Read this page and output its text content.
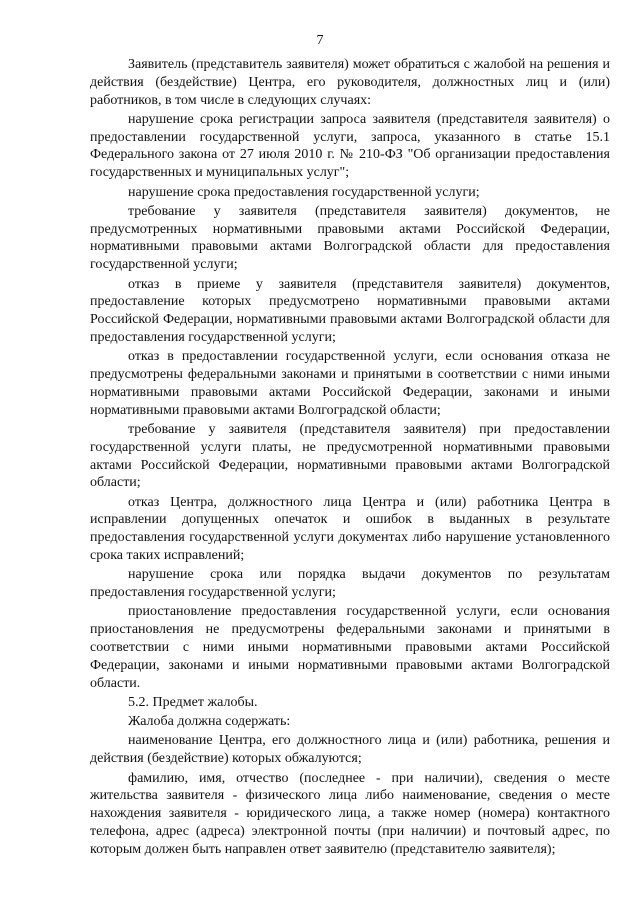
7

Заявитель (представитель заявителя) может обратиться с жалобой на решения и действия (бездействие) Центра, его руководителя, должностных лиц и (или) работников, в том числе в следующих случаях:

нарушение срока регистрации запроса заявителя (представителя заявителя) о предоставлении государственной услуги, запроса, указанного в статье 15.1 Федерального закона от 27 июля 2010 г. № 210-ФЗ "Об организации предоставления государственных и муниципальных услуг";

нарушение срока предоставления государственной услуги;

требование у заявителя (представителя заявителя) документов, не предусмотренных нормативными правовыми актами Российской Федерации, нормативными правовыми актами Волгоградской области для предоставления государственной услуги;

отказ в приеме у заявителя (представителя заявителя) документов, предоставление которых предусмотрено нормативными правовыми актами Российской Федерации, нормативными правовыми актами Волгоградской области для предоставления государственной услуги;

отказ в предоставлении государственной услуги, если основания отказа не предусмотрены федеральными законами и принятыми в соответствии с ними иными нормативными правовыми актами Российской Федерации, законами и иными нормативными правовыми актами Волгоградской области;

требование у заявителя (представителя заявителя) при предоставлении государственной услуги платы, не предусмотренной нормативными правовыми актами Российской Федерации, нормативными правовыми актами Волгоградской области;

отказ Центра, должностного лица Центра и (или) работника Центра в исправлении допущенных опечаток и ошибок в выданных в результате предоставления государственной услуги документах либо нарушение установленного срока таких исправлений;

нарушение срока или порядка выдачи документов по результатам предоставления государственной услуги;

приостановление предоставления государственной услуги, если основания приостановления не предусмотрены федеральными законами и принятыми в соответствии с ними иными нормативными правовыми актами Российской Федерации, законами и иными нормативными правовыми актами Волгоградской области.

5.2. Предмет жалобы.

Жалоба должна содержать:

наименование Центра, его должностного лица и (или) работника, решения и действия (бездействие) которых обжалуются;

фамилию, имя, отчество (последнее - при наличии), сведения о месте жительства заявителя - физического лица либо наименование, сведения о месте нахождения заявителя - юридического лица, а также номер (номера) контактного телефона, адрес (адреса) электронной почты (при наличии) и почтовый адрес, по которым должен быть направлен ответ заявителю (представителю заявителя);
